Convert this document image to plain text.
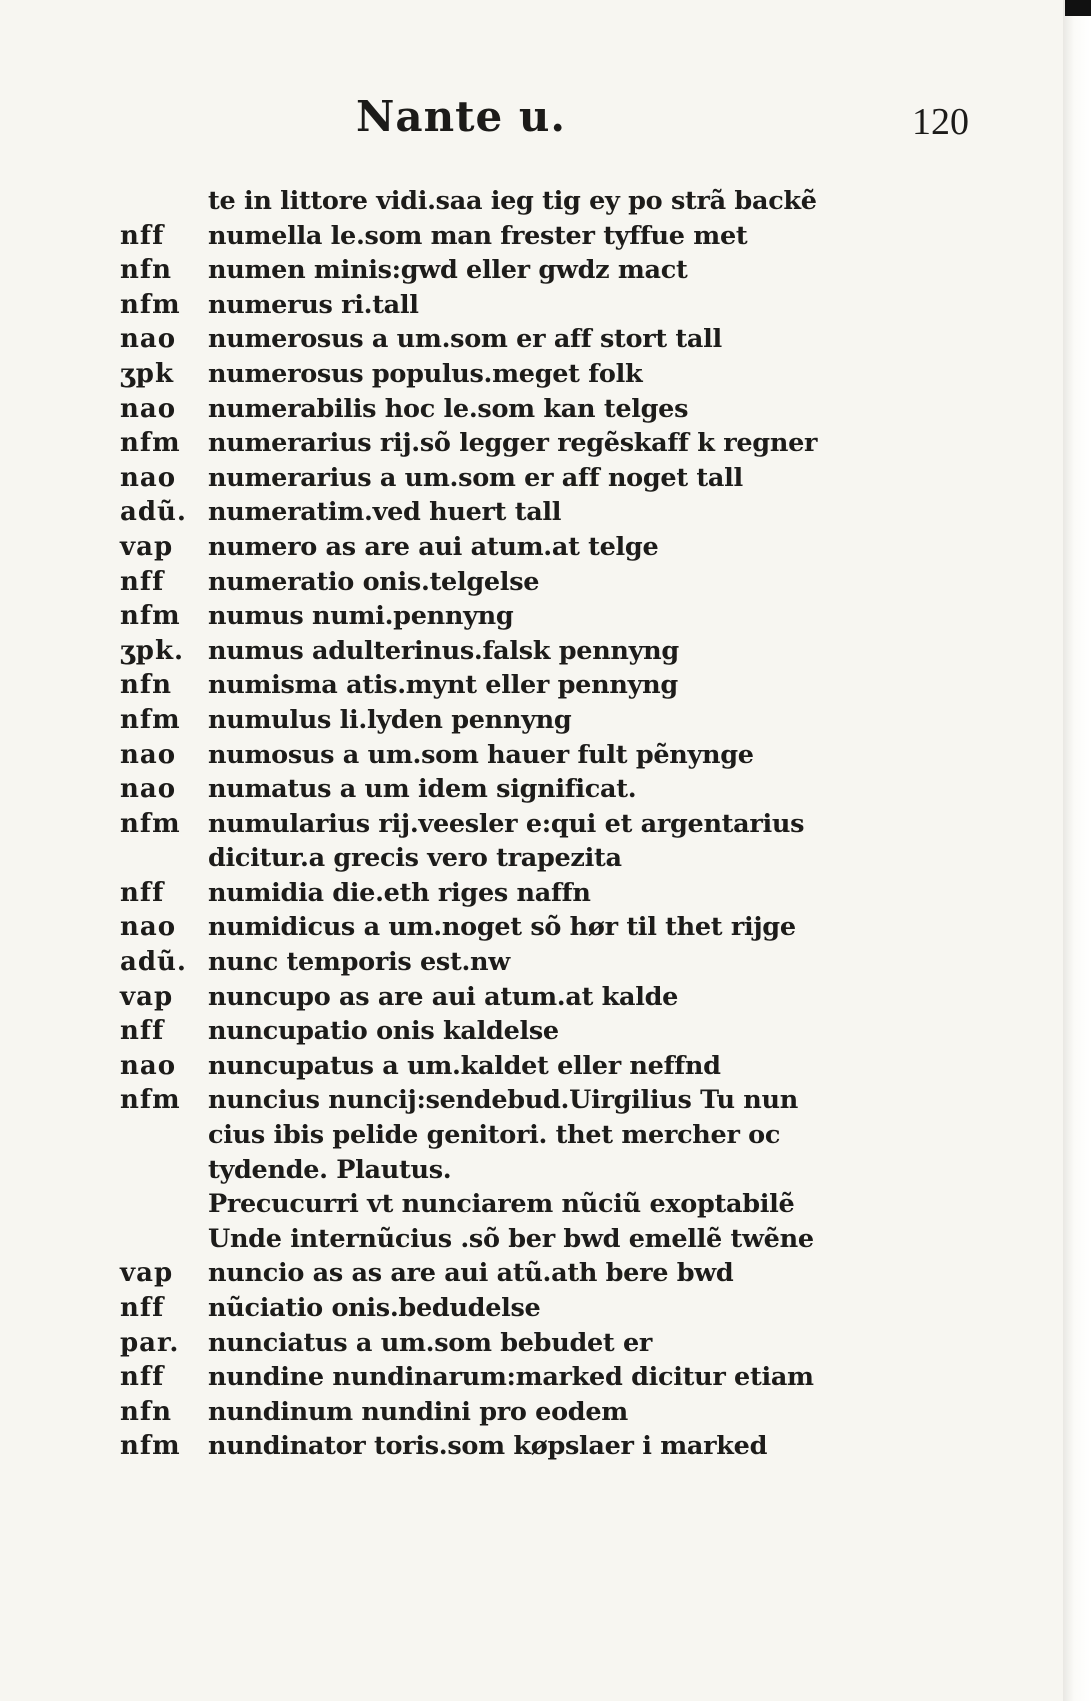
Nante u.	120
te in littore vidi.saa ieg tig ey po strã backẽ
nff	numella le.som man frester tyffue met
nfn	numen minis:gwd eller gwdz mact
nfm	numerus ri.tall
nao	numerosus a um.som er aff stort tall
ʒpk	numerosus populus.meget folk
nao	numerabilis hoc le.som kan telges
nfm	numerarius rij.sõ legger regẽskaff k regner
nao	numerarius a um.som er aff noget tall
adũ. numeratim.ved huert tall
vap	numero as are aui atum.at telge
nff	numeratio onis.telgelse
nfm	numus numi.pennyng
ʒpk. numus adulterinus.falsk pennyng
nfn	numisma atis.mynt eller pennyng
nfm	numulus li.lyden pennyng
nao	numosus a um.som hauer fult pẽnynge
nao	numatus a um idem significat.
nfm	numularius rij.veesler e:qui et argentarius
dicitur.a grecis vero trapezita
nff	numidia die.eth riges naffn
nao	numidicus a um.noget sõ hør til thet rijge
adũ. nunc temporis est.nw
vap	nuncupo as are aui atum.at kalde
nff	nuncupatio onis kaldelse
nao	nuncupatus a um.kaldet eller neffnd
nfm	nuncius nuncij:sendebud.Uirgilius Tu nun
cius ibis pelide genitori. thet mercher oc
tydende. Plautus.
Precucurri vt nunciarem nũciũ exoptabilẽ
Unde internũcius .sõ ber bwd emellẽ twẽne
vap	nuncio as as are aui atũ.ath bere bwd
nff	nũciatio onis.bedudelse
par.	nunciatus a um.som bebudet er
nff	nundine nundinarum:marked dicitur etiam
nfn	nundinum nundini pro eodem
nfm	nundinator toris.som køpslaer i marked
